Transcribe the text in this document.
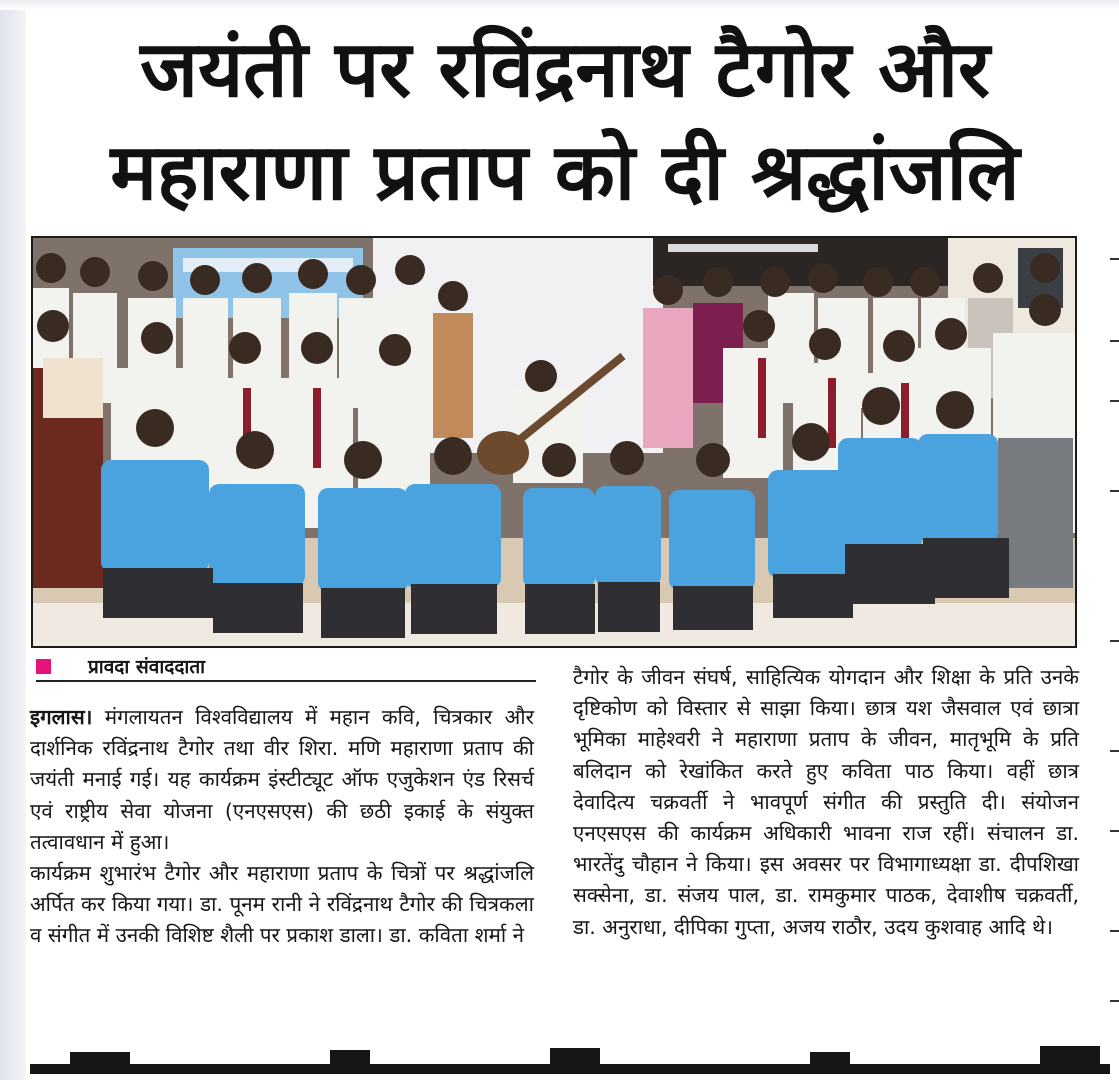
जयंती पर रविंद्रनाथ टैगोर और
महाराणा प्रताप को दी श्रद्धांजलि
प्रावदा संवाददाता

इगलास। मंगलायतन विश्वविद्यालय में महान कवि, चित्रकार और दार्शनिक रविंद्रनाथ टैगोर तथा वीर शिरा. मणि महाराणा प्रताप की जयंती मनाई गई। यह कार्यक्रम इंस्टीट्यूट ऑफ एजुकेशन एंड रिसर्च एवं राष्ट्रीय सेवा योजना (एनएसएस) की छठी इकाई के संयुक्त तत्वावधान में हुआ।

कार्यक्रम शुभारंभ टैगोर और महाराणा प्रताप के चित्रों पर श्रद्धांजलि अर्पित कर किया गया। डा. पूनम रानी ने रविंद्रनाथ टैगोर की चित्रकला व संगीत में उनकी विशिष्ट शैली पर प्रकाश डाला। डा. कविता शर्मा ने

टैगोर के जीवन संघर्ष, साहित्यिक योगदान और शिक्षा के प्रति उनके दृष्टिकोण को विस्तार से साझा किया। छात्र यश जैसवाल एवं छात्रा भूमिका माहेश्वरी ने महाराणा प्रताप के जीवन, मातृभूमि के प्रति बलिदान को रेखांकित करते हुए कविता पाठ किया। वहीं छात्र देवादित्य चक्रवर्ती ने भावपूर्ण संगीत की प्रस्तुति दी। संयोजन एनएसएस की कार्यक्रम अधिकारी भावना राज रहीं। संचालन डा. भारतेंदु चौहान ने किया। इस अवसर पर विभागाध्यक्षा डा. दीपशिखा सक्सेना, डा. संजय पाल, डा. रामकुमार पाठक, देवाशीष चक्रवर्ती, डा. अनुराधा, दीपिका गुप्ता, अजय राठौर, उदय कुशवाह आदि थे।
